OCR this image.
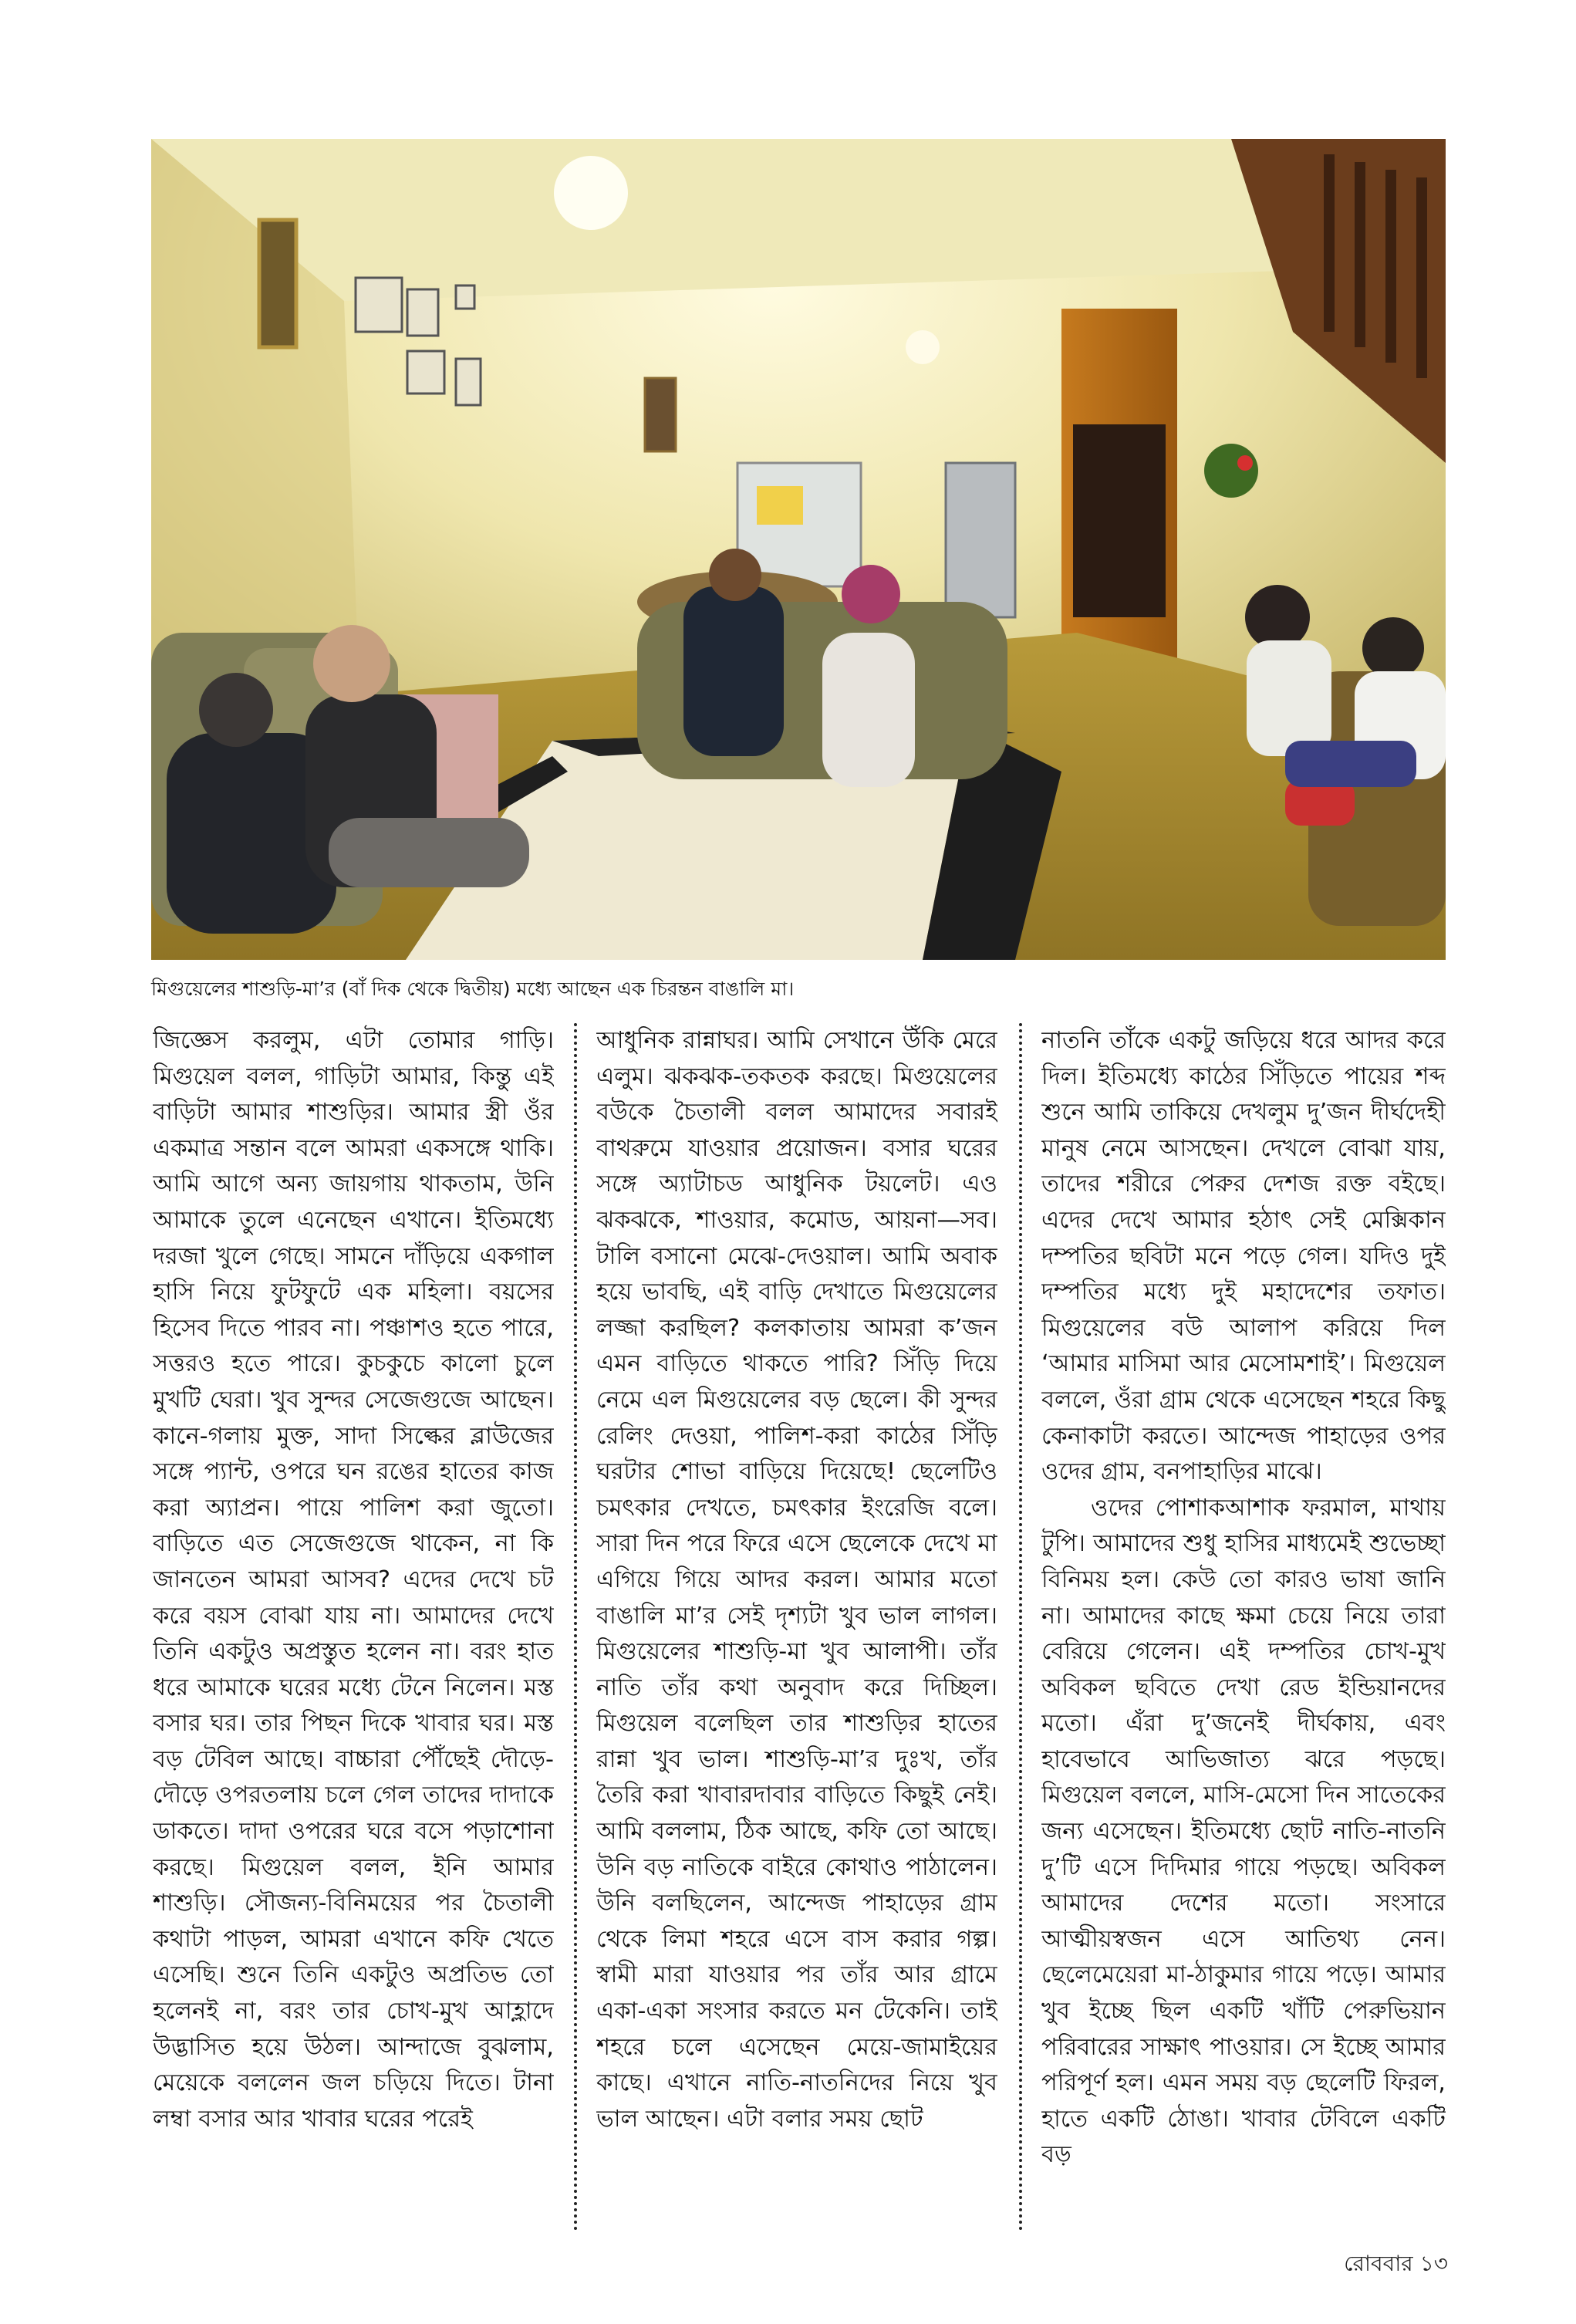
মিগুয়েলের শাশুড়ি-মা’র (বাঁ দিক থেকে দ্বিতীয়) মধ্যে আছেন এক চিরন্তন বাঙালি মা।

জিজ্ঞেস করলুম, এটা তোমার গাড়ি। মিগুয়েল বলল, গাড়িটা আমার, কিন্তু এই বাড়িটা আমার শাশুড়ির। আমার স্ত্রী ওঁর একমাত্র সন্তান বলে আমরা একসঙ্গে থাকি। আমি আগে অন্য জায়গায় থাকতাম, উনি আমাকে তুলে এনেছেন এখানে। ইতিমধ্যে দরজা খুলে গেছে। সামনে দাঁড়িয়ে একগাল হাসি নিয়ে ফুটফুটে এক মহিলা। বয়সের হিসেব দিতে পারব না। পঞ্চাশও হতে পারে, সত্তরও হতে পারে। কুচকুচে কালো চুলে মুখটি ঘেরা। খুব সুন্দর সেজেগুজে আছেন। কানে-গলায় মুক্ত, সাদা সিল্কের ব্লাউজের সঙ্গে প্যান্ট, ওপরে ঘন রঙের হাতের কাজ করা অ্যাপ্রন। পায়ে পালিশ করা জুতো। বাড়িতে এত সেজেগুজে থাকেন, না কি জানতেন আমরা আসব? এদের দেখে চট করে বয়স বোঝা যায় না। আমাদের দেখে তিনি একটুও অপ্রস্তুত হলেন না। বরং হাত ধরে আমাকে ঘরের মধ্যে টেনে নিলেন। মস্ত বসার ঘর। তার পিছন দিকে খাবার ঘর। মস্ত বড় টেবিল আছে। বাচ্চারা পৌঁছেই দৌড়ে-দৌড়ে ওপরতলায় চলে গেল তাদের দাদাকে ডাকতে। দাদা ওপরের ঘরে বসে পড়াশোনা করছে। মিগুয়েল বলল, ইনি আমার শাশুড়ি। সৌজন্য-বিনিময়ের পর চৈতালী কথাটা পাড়ল, আমরা এখানে কফি খেতে এসেছি। শুনে তিনি একটুও অপ্রতিভ তো হলেনই না, বরং তার চোখ-মুখ আহ্লাদে উদ্ভাসিত হয়ে উঠল। আন্দাজে বুঝলাম, মেয়েকে বললেন জল চড়িয়ে দিতে। টানা লম্বা বসার আর খাবার ঘরের পরেই

আধুনিক রান্নাঘর। আমি সেখানে উঁকি মেরে এলুম। ঝকঝক-তকতক করছে। মিগুয়েলের বউকে চৈতালী বলল আমাদের সবারই বাথরুমে যাওয়ার প্রয়োজন। বসার ঘরের সঙ্গে অ্যাটাচড আধুনিক টয়লেট। এও ঝকঝকে, শাওয়ার, কমোড, আয়না—সব। টালি বসানো মেঝে-দেওয়াল। আমি অবাক হয়ে ভাবছি, এই বাড়ি দেখাতে মিগুয়েলের লজ্জা করছিল? কলকাতায় আমরা ক’জন এমন বাড়িতে থাকতে পারি? সিঁড়ি দিয়ে নেমে এল মিগুয়েলের বড় ছেলে। কী সুন্দর রেলিং দেওয়া, পালিশ-করা কাঠের সিঁড়ি ঘরটার শোভা বাড়িয়ে দিয়েছে! ছেলেটিও চমৎকার দেখতে, চমৎকার ইংরেজি বলে। সারা দিন পরে ফিরে এসে ছেলেকে দেখে মা এগিয়ে গিয়ে আদর করল। আমার মতো বাঙালি মা’র সেই দৃশ্যটা খুব ভাল লাগল। মিগুয়েলের শাশুড়ি-মা খুব আলাপী। তাঁর নাতি তাঁর কথা অনুবাদ করে দিচ্ছিল। মিগুয়েল বলেছিল তার শাশুড়ির হাতের রান্না খুব ভাল। শাশুড়ি-মা’র দুঃখ, তাঁর তৈরি করা খাবারদাবার বাড়িতে কিছুই নেই। আমি বললাম, ঠিক আছে, কফি তো আছে। উনি বড় নাতিকে বাইরে কোথাও পাঠালেন। উনি বলছিলেন, আন্দেজ পাহাড়ের গ্রাম থেকে লিমা শহরে এসে বাস করার গল্প। স্বামী মারা যাওয়ার পর তাঁর আর গ্রামে একা-একা সংসার করতে মন টেকেনি। তাই শহরে চলে এসেছেন মেয়ে-জামাইয়ের কাছে। এখানে নাতি-নাতনিদের নিয়ে খুব ভাল আছেন। এটা বলার সময় ছোট

নাতনি তাঁকে একটু জড়িয়ে ধরে আদর করে দিল। ইতিমধ্যে কাঠের সিঁড়িতে পায়ের শব্দ শুনে আমি তাকিয়ে দেখলুম দু’জন দীর্ঘদেহী মানুষ নেমে আসছেন। দেখলে বোঝা যায়, তাদের শরীরে পেরুর দেশজ রক্ত বইছে। এদের দেখে আমার হঠাৎ সেই মেক্সিকান দম্পতির ছবিটা মনে পড়ে গেল। যদিও দুই দম্পতির মধ্যে দুই মহাদেশের তফাত। মিগুয়েলের বউ আলাপ করিয়ে দিল ‘আমার মাসিমা আর মেসোমশাই’। মিগুয়েল বললে, ওঁরা গ্রাম থেকে এসেছেন শহরে কিছু কেনাকাটা করতে। আন্দেজ পাহাড়ের ওপর ওদের গ্রাম, বনপাহাড়ির মাঝে।

ওদের পোশাকআশাক ফরমাল, মাথায় টুপি। আমাদের শুধু হাসির মাধ্যমেই শুভেচ্ছা বিনিময় হল। কেউ তো কারও ভাষা জানি না। আমাদের কাছে ক্ষমা চেয়ে নিয়ে তারা বেরিয়ে গেলেন। এই দম্পতির চোখ-মুখ অবিকল ছবিতে দেখা রেড ইন্ডিয়ানদের মতো। এঁরা দু’জনেই দীর্ঘকায়, এবং হাবেভাবে আভিজাত্য ঝরে পড়ছে। মিগুয়েল বললে, মাসি-মেসো দিন সাতেকের জন্য এসেছেন। ইতিমধ্যে ছোট নাতি-নাতনি দু’টি এসে দিদিমার গায়ে পড়ছে। অবিকল আমাদের দেশের মতো। সংসারে আত্মীয়স্বজন এসে আতিথ্য নেন। ছেলেমেয়েরা মা-ঠাকুমার গায়ে পড়ে। আমার খুব ইচ্ছে ছিল একটি খাঁটি পেরুভিয়ান পরিবারের সাক্ষাৎ পাওয়ার। সে ইচ্ছে আমার পরিপূর্ণ হল। এমন সময় বড় ছেলেটি ফিরল, হাতে একটি ঠোঙা। খাবার টেবিলে একটি বড়

রোববার ১৩
